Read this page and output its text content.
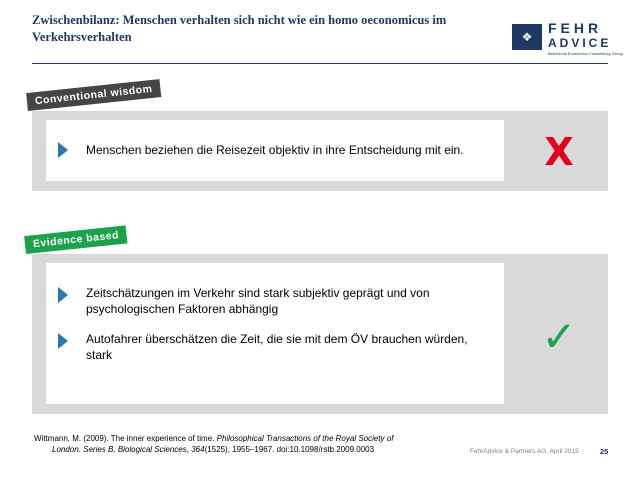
Zwischenbilanz: Menschen verhalten sich nicht wie ein homo oeconomicus im
Verkehrsverhalten	❖
FEHR
ADVICE
Behavioral Economics Consultancy Group
Menschen beziehen die Reisezeit objektiv in ihre Entscheidung mit ein. X
Conventional wisdom
Zeitschätzungen im Verkehr sind stark subjektiv geprägt und von
psychologischen Faktoren abhängig
Autofahrer überschätzen die Zeit, die sie mit dem ÖV brauchen würden,
stark	✓
Evidence based
Wittmann, M. (2009). The inner experience of time. Philosophical Transactions of the Royal Society of
London. Series B, Biological Sciences, 364(1525), 1955–1967. doi:10.1098/rstb.2009.0003	FehrAdvice & Partners AG, April 2015	25
